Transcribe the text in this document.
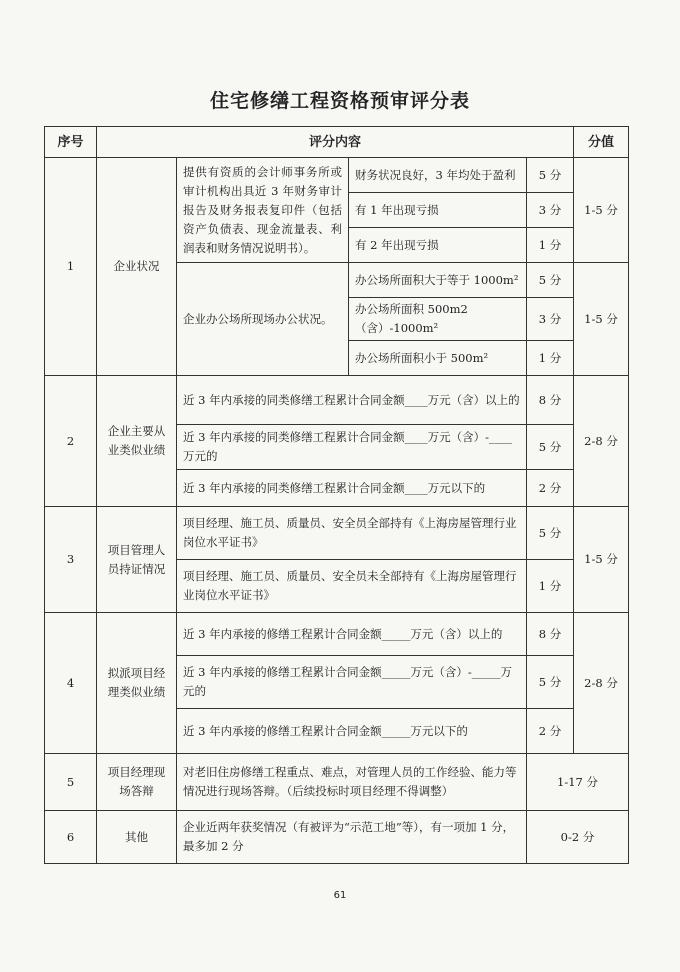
住宅修缮工程资格预审评分表
序号	评分内容				分值
1	企业状况	提供有资质的会计师事务所或审计机构出具近 3 年财务审计报告及财务报表复印件（包括资产负债表、现金流量表、利润表和财务情况说明书）。	财务状况良好，3 年均处于盈利	5 分	1-5 分
			有 1 年出现亏损	3 分	
			有 2 年出现亏损	1 分	
		企业办公场所现场办公状况。	办公场所面积大于等于 1000m²	5 分	1-5 分
			办公场所面积 500m2（含）-1000m²	3 分	
			办公场所面积小于 500m²	1 分	
2	企业主要从业类似业绩	近 3 年内承接的同类修缮工程累计合同金额____万元（含）以上的		8 分	2-8 分
		近 3 年内承接的同类修缮工程累计合同金额____万元（含）-____万元的		5 分	
		近 3 年内承接的同类修缮工程累计合同金额____万元以下的		2 分	
3	项目管理人员持证情况	项目经理、施工员、质量员、安全员全部持有《上海房屋管理行业岗位水平证书》		5 分	1-5 分
		项目经理、施工员、质量员、安全员未全部持有《上海房屋管理行业岗位水平证书》		1 分	
4	拟派项目经理类似业绩	近 3 年内承接的修缮工程累计合同金额_____万元（含）以上的		8 分	2-8 分
		近 3 年内承接的修缮工程累计合同金额_____万元（含）-_____万元的		5 分	
		近 3 年内承接的修缮工程累计合同金额_____万元以下的		2 分	
5	项目经理现场答辩	对老旧住房修缮工程重点、难点，对管理人员的工作经验、能力等情况进行现场答辩。（后续投标时项目经理不得调整）		1-17 分	
6	其他	企业近两年获奖情况（有被评为“示范工地”等），有一项加 1 分，最多加 2 分		0-2 分	
61
